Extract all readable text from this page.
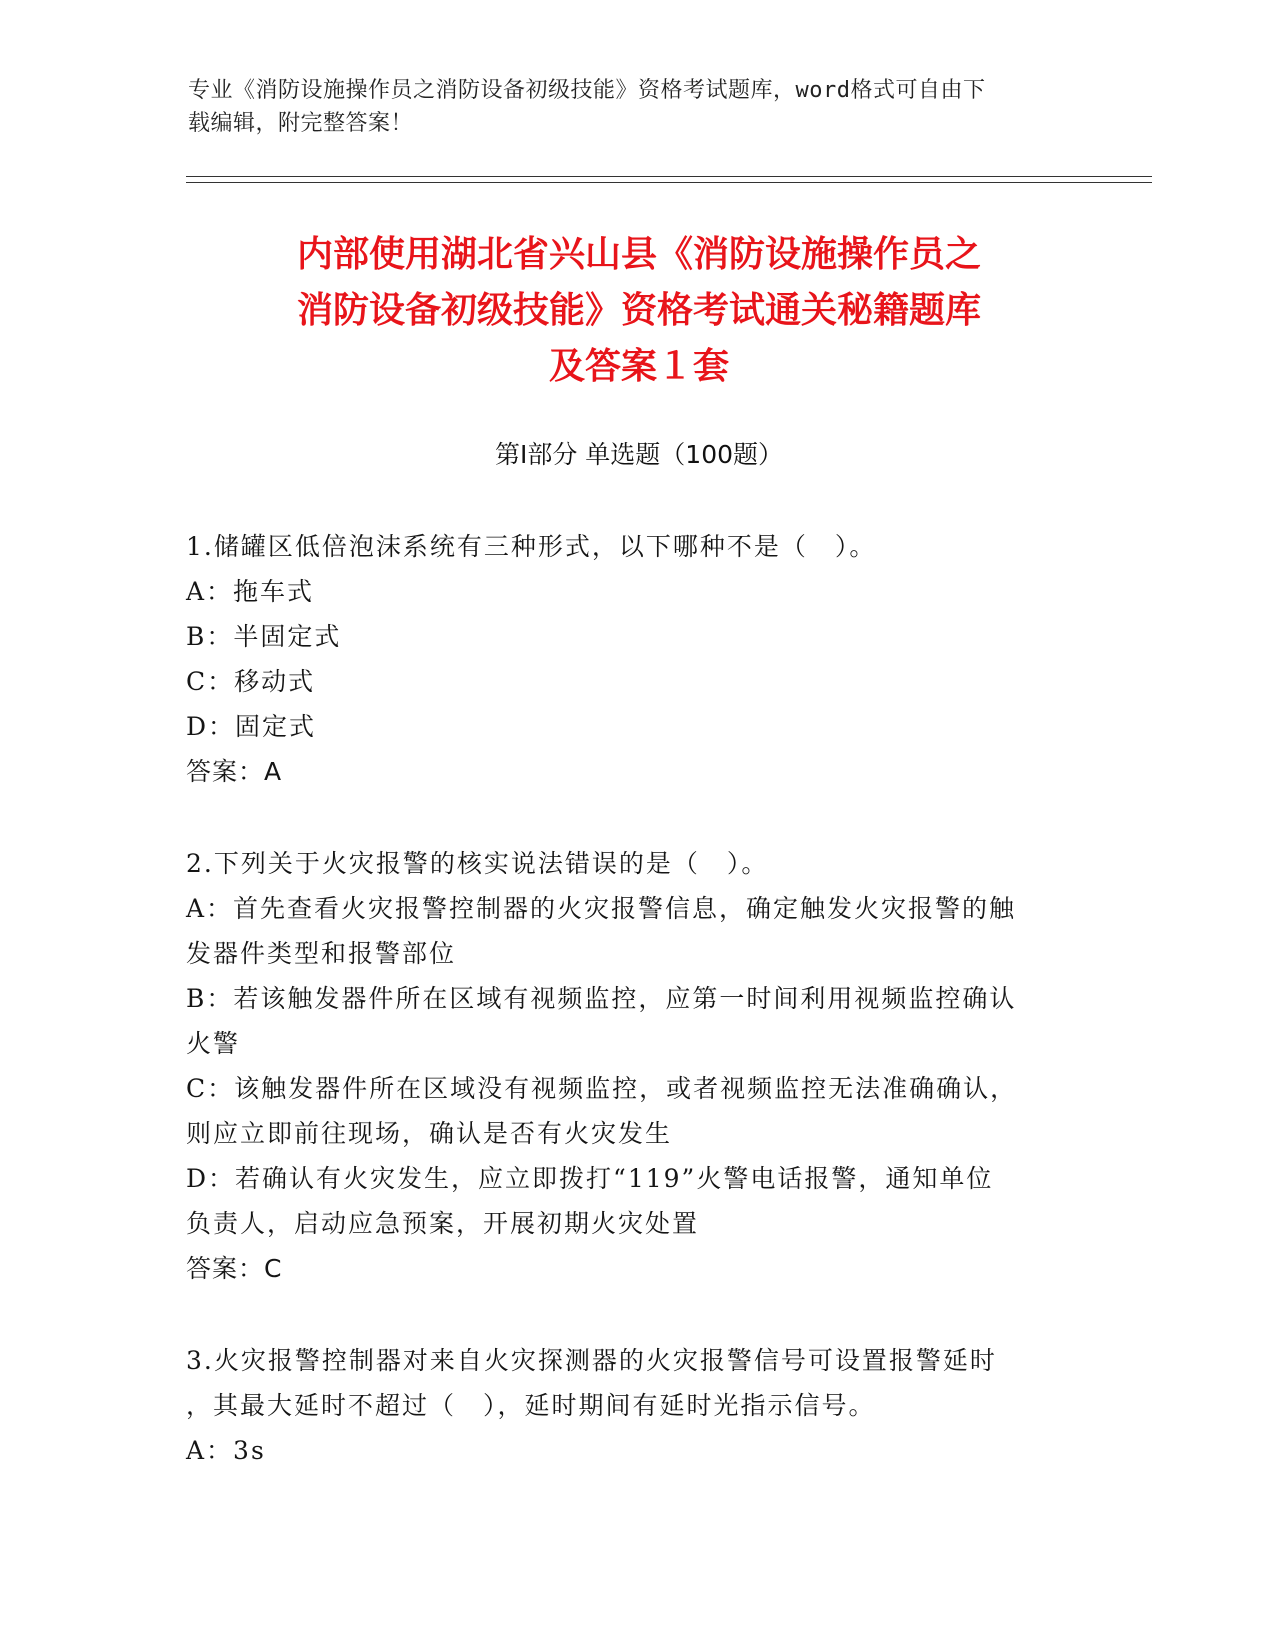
专业《消防设施操作员之消防设备初级技能》资格考试题库，word格式可自由下
载编辑，附完整答案！
内部使用湖北省兴山县《消防设施操作员之
消防设备初级技能》资格考试通关秘籍题库
及答案１套
第Ⅰ部分 单选题（100题）

1.储罐区低倍泡沫系统有三种形式，以下哪种不是（　）。

A：拖车式

B：半固定式

C：移动式

D：固定式

答案：A

2.下列关于火灾报警的核实说法错误的是（　）。

A：首先查看火灾报警控制器的火灾报警信息，确定触发火灾报警的触

发器件类型和报警部位

B：若该触发器件所在区域有视频监控，应第一时间利用视频监控确认

火警

C：该触发器件所在区域没有视频监控，或者视频监控无法准确确认，

则应立即前往现场，确认是否有火灾发生

D：若确认有火灾发生，应立即拨打“119”火警电话报警，通知单位

负责人，启动应急预案，开展初期火灾处置

答案：C

3.火灾报警控制器对来自火灾探测器的火灾报警信号可设置报警延时

，其最大延时不超过（　），延时期间有延时光指示信号。

A：3s
